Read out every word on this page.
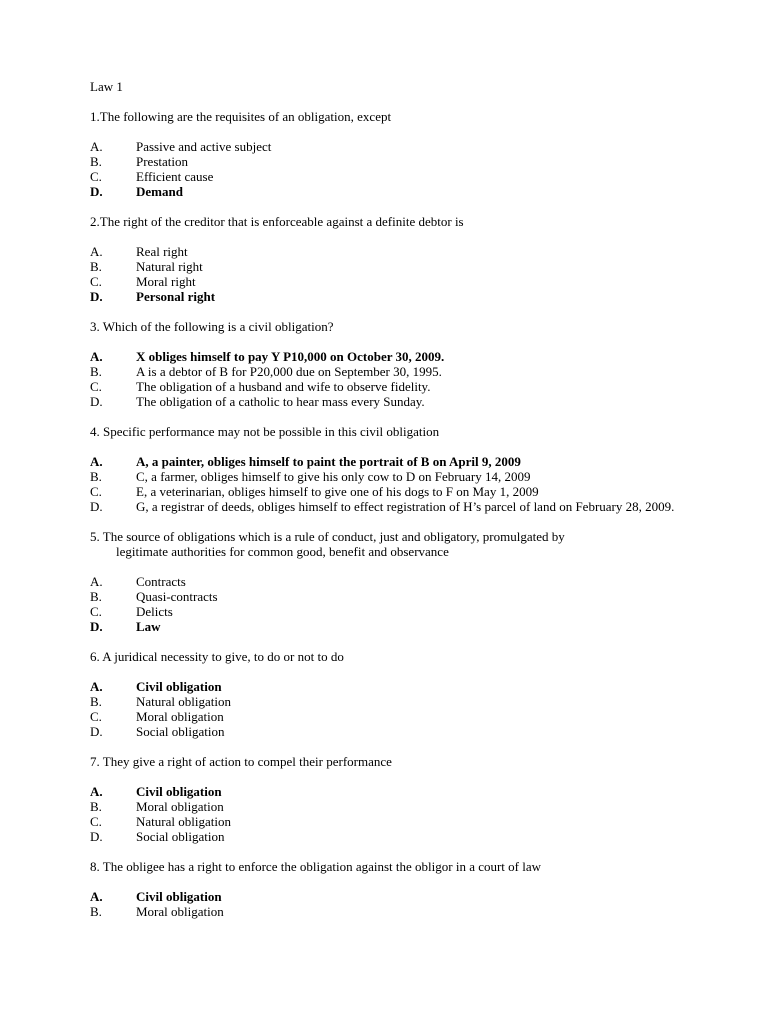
Law 1
1.The following are the requisites of an obligation, except
A.	Passive and active subject
B.	Prestation
C.	Efficient cause
D.	Demand
2.The right of the creditor that is enforceable against a definite debtor is
A.	Real right
B.	Natural right
C.	Moral right
D.	Personal right
3. Which of the following is a civil obligation?
A.	X obliges himself to pay Y P10,000 on October 30, 2009.
B.	A is a debtor of B for P20,000 due on September 30, 1995.
C.	The obligation of a husband and wife to observe fidelity.
D.	The obligation of a catholic to hear mass every Sunday.
4. Specific performance may not be possible in this civil obligation
A.	A, a painter, obliges himself to paint the portrait of B on April 9, 2009
B.	C, a farmer, obliges himself to give his only cow to D on February 14, 2009
C.	E, a veterinarian, obliges himself to give one of his dogs to F on May 1, 2009
D.	G, a registrar of deeds, obliges himself to effect registration of H’s parcel of land on February 28, 2009.
5. The source of obligations which is a rule of conduct, just and obligatory, promulgated by
legitimate authorities for common good, benefit and observance
A.	Contracts
B.	Quasi-contracts
C.	Delicts
D.	Law
6. A juridical necessity to give, to do or not to do
A.	Civil obligation
B.	Natural obligation
C.	Moral obligation
D.	Social obligation
7. They give a right of action to compel their performance
A.	Civil obligation
B.	Moral obligation
C.	Natural obligation
D.	Social obligation
8. The obligee has a right to enforce the obligation against the obligor in a court of law
A.	Civil obligation
B.	Moral obligation
